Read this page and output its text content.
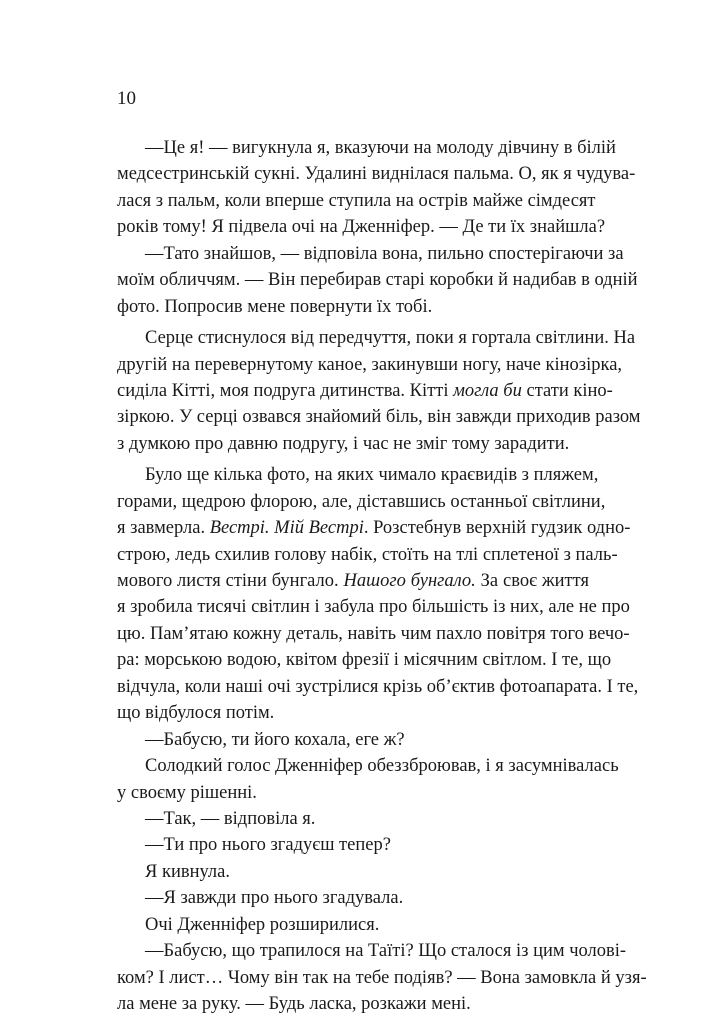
10
—Це я! — вигукнула я, вказуючи на молоду дівчину в білій
медсестринській сукні. Удалині виднілася пальма. О, як я чудува-
лася з пальм, коли вперше ступила на острів майже сімдесят
років тому! Я підвела очі на Дженніфер. — Де ти їх знайшла?
—Тато знайшов, — відповіла вона, пильно спостерігаючи за
моїм обличчям. — Він перебирав старі коробки й надибав в одній
фото. Попросив мене повернути їх тобі.
Серце стиснулося від передчуття, поки я гортала світлини. На
другій на перевернутому каное, закинувши ногу, наче кінозірка,
сиділа Кітті, моя подруга дитинства. Кітті могла би стати кіно-
зіркою. У серці озвався знайомий біль, він завжди приходив разом
з думкою про давню подругу, і час не зміг тому зарадити.
Було ще кілька фото, на яких чимало краєвидів з пляжем,
горами, щедрою флорою, але, діставшись останньої світлини,
я завмерла. Вестрі. Мій Вестрі. Розстебнув верхній гудзик одно-
строю, ледь схилив голову набік, стоїть на тлі сплетеної з паль-
мового листя стіни бунгало. Нашого бунгало. За своє життя
я зробила тисячі світлин і забула про більшість із них, але не про
цю. Пам’ятаю кожну деталь, навіть чим пахло повітря того вечо-
ра: морською водою, квітом фрезії і місячним світлом. І те, що
відчула, коли наші очі зустрілися крізь об’єктив фотоапарата. І те,
що відбулося потім.
—Бабусю, ти його кохала, еге ж?
Солодкий голос Дженніфер обеззброював, і я засумнівалась
у своєму рішенні.
—Так, — відповіла я.
—Ти про нього згадуєш тепер?
Я кивнула.
—Я завжди про нього згадувала.
Очі Дженніфер розширилися.
—Бабусю, що трапилося на Таїті? Що сталося із цим чолові-
ком? І лист… Чому він так на тебе подіяв? — Вона замовкла й узя-
ла мене за руку. — Будь ласка, розкажи мені.
